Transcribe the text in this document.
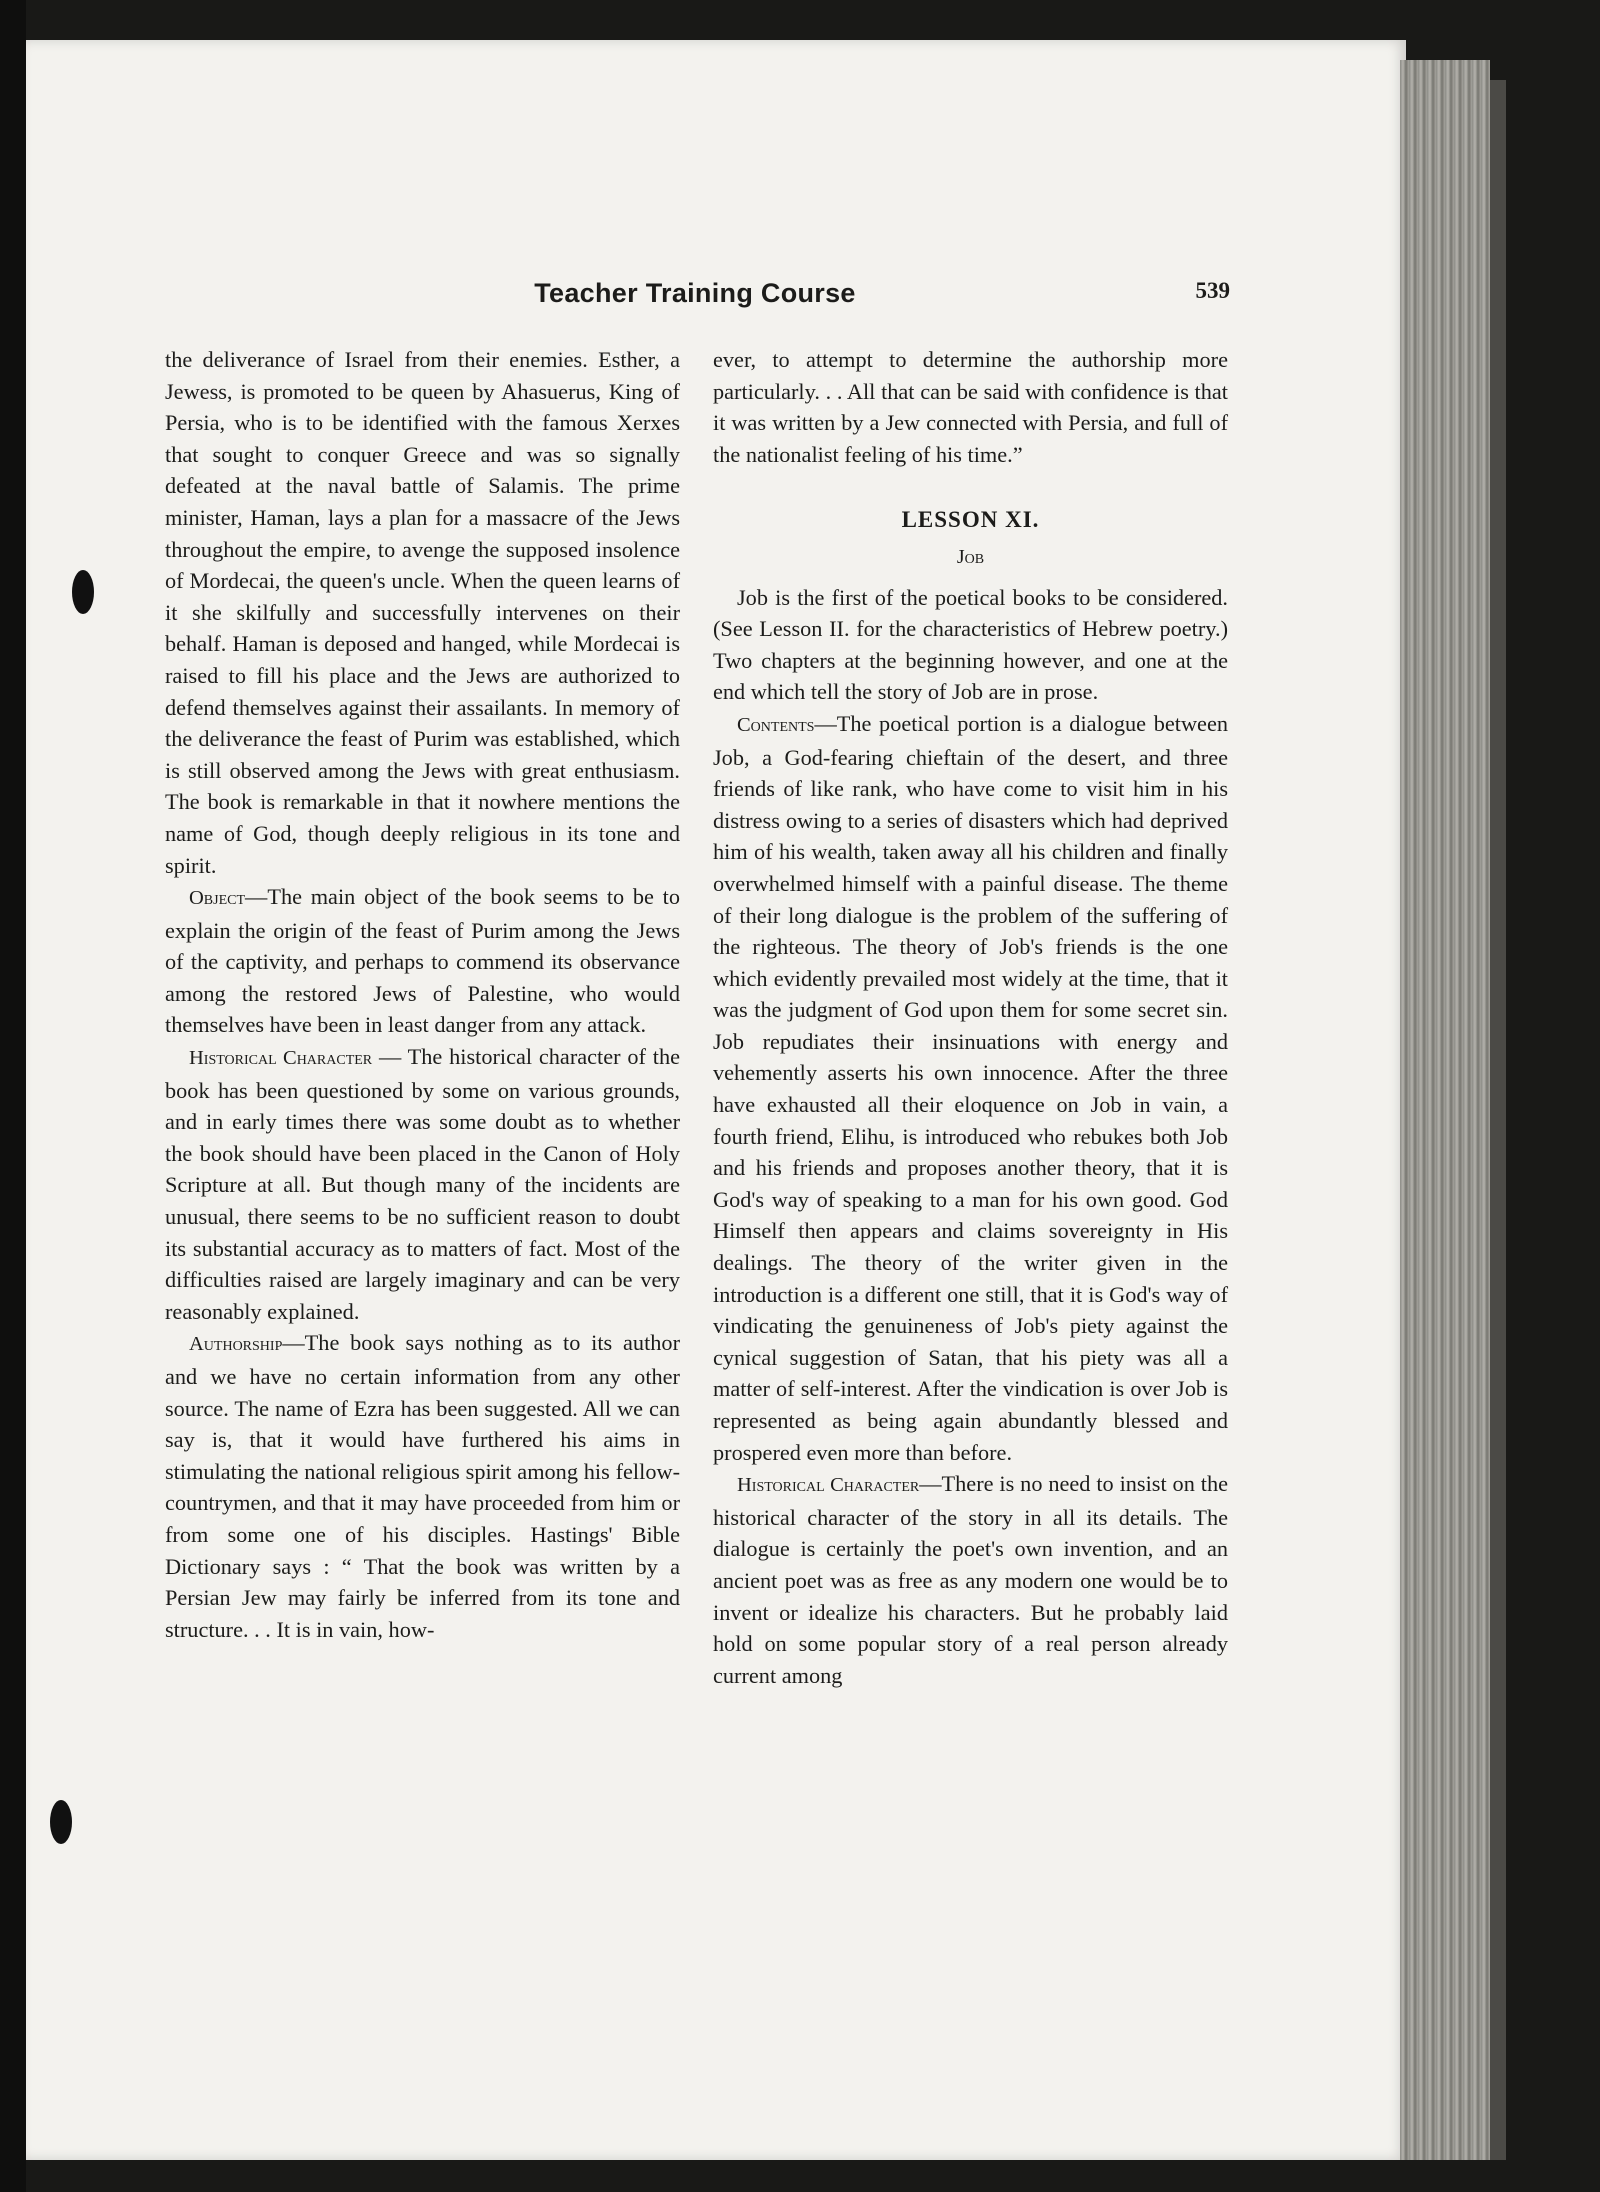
Teacher Training Course	539

the deliverance of Israel from their enemies. Esther, a Jewess, is promoted to be queen by Ahasuerus, King of Persia, who is to be identified with the famous Xerxes that sought to conquer Greece and was so signally defeated at the naval battle of Salamis. The prime minister, Haman, lays a plan for a massacre of the Jews throughout the empire, to avenge the supposed insolence of Mordecai, the queen's uncle. When the queen learns of it she skilfully and successfully intervenes on their behalf. Haman is deposed and hanged, while Mordecai is raised to fill his place and the Jews are authorized to defend themselves against their assailants. In memory of the deliverance the feast of Purim was established, which is still observed among the Jews with great enthusiasm. The book is remarkable in that it nowhere mentions the name of God, though deeply religious in its tone and spirit.

Object—The main object of the book seems to be to explain the origin of the feast of Purim among the Jews of the captivity, and perhaps to commend its observance among the restored Jews of Palestine, who would themselves have been in least danger from any attack.

Historical Character — The historical character of the book has been questioned by some on various grounds, and in early times there was some doubt as to whether the book should have been placed in the Canon of Holy Scripture at all. But though many of the incidents are unusual, there seems to be no sufficient reason to doubt its substantial accuracy as to matters of fact. Most of the difficulties raised are largely imaginary and can be very reasonably explained.

Authorship—The book says nothing as to its author and we have no certain information from any other source. The name of Ezra has been suggested. All we can say is, that it would have furthered his aims in stimulating the national religious spirit among his fellow-countrymen, and that it may have proceeded from him or from some one of his disciples. Hastings' Bible Dictionary says : “ That the book was written by a Persian Jew may fairly be inferred from its tone and structure. . . It is in vain, how-

ever, to attempt to determine the authorship more particularly. . . All that can be said with confidence is that it was written by a Jew connected with Persia, and full of the nationalist feeling of his time.”

LESSON XI.

Job

Job is the first of the poetical books to be considered. (See Lesson II. for the characteristics of Hebrew poetry.) Two chapters at the beginning however, and one at the end which tell the story of Job are in prose.

Contents—The poetical portion is a dialogue between Job, a God-fearing chieftain of the desert, and three friends of like rank, who have come to visit him in his distress owing to a series of disasters which had deprived him of his wealth, taken away all his children and finally overwhelmed himself with a painful disease. The theme of their long dialogue is the problem of the suffering of the righteous. The theory of Job's friends is the one which evidently prevailed most widely at the time, that it was the judgment of God upon them for some secret sin. Job repudiates their insinuations with energy and vehemently asserts his own innocence. After the three have exhausted all their eloquence on Job in vain, a fourth friend, Elihu, is introduced who rebukes both Job and his friends and proposes another theory, that it is God's way of speaking to a man for his own good. God Himself then appears and claims sovereignty in His dealings. The theory of the writer given in the introduction is a different one still, that it is God's way of vindicating the genuineness of Job's piety against the cynical suggestion of Satan, that his piety was all a matter of self-interest. After the vindication is over Job is represented as being again abundantly blessed and prospered even more than before.

Historical Character—There is no need to insist on the historical character of the story in all its details. The dialogue is certainly the poet's own invention, and an ancient poet was as free as any modern one would be to invent or idealize his characters. But he probably laid hold on some popular story of a real person already current among
